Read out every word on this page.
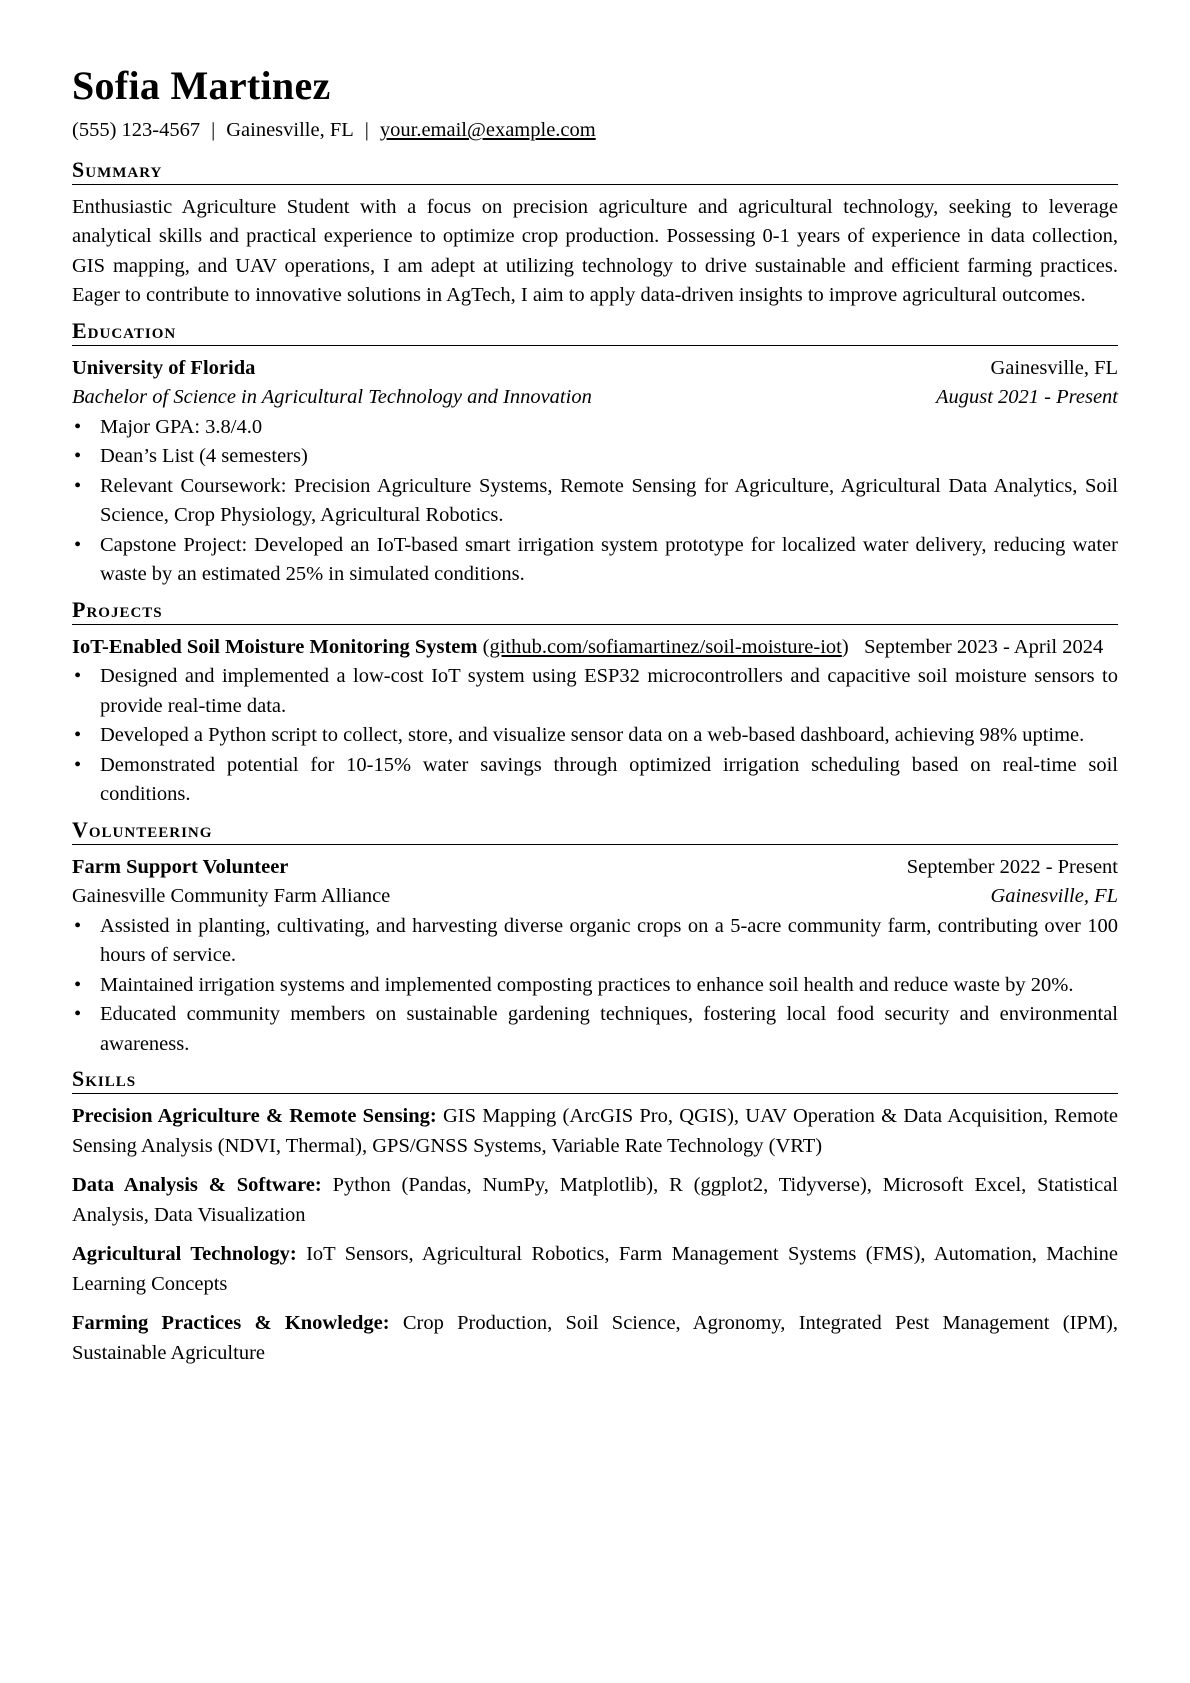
Sofia Martinez
(555) 123-4567 | Gainesville, FL | your.email@example.com
Summary

Enthusiastic Agriculture Student with a focus on precision agriculture and agricultural technology, seeking to leverage analytical skills and practical experience to optimize crop production. Possessing 0-1 years of experience in data collection, GIS mapping, and UAV operations, I am adept at utilizing technology to drive sustainable and efficient farming practices. Eager to contribute to innovative solutions in AgTech, I aim to apply data-driven insights to improve agricultural outcomes.

Education
University of Florida	Gainesville, FL
Bachelor of Science in Agricultural Technology and Innovation	August 2021 - Present
• Major GPA: 3.8/4.0
• Dean’s List (4 semesters)
• Relevant Coursework: Precision Agriculture Systems, Remote Sensing for Agriculture, Agricultural Data Analytics, Soil Science, Crop Physiology, Agricultural Robotics.
• Capstone Project: Developed an IoT-based smart irrigation system prototype for localized water delivery, reducing water waste by an estimated 25% in simulated conditions.
Projects
IoT-Enabled Soil Moisture Monitoring System (github.com/sofiamartinez/soil-moisture-iot)   September 2023 - April 2024
• Designed and implemented a low-cost IoT system using ESP32 microcontrollers and capacitive soil moisture sensors to provide real-time data.
• Developed a Python script to collect, store, and visualize sensor data on a web-based dashboard, achieving 98% uptime.
• Demonstrated potential for 10-15% water savings through optimized irrigation scheduling based on real-time soil conditions.
Volunteering
Farm Support Volunteer	September 2022 - Present
Gainesville Community Farm Alliance	Gainesville, FL
• Assisted in planting, cultivating, and harvesting diverse organic crops on a 5-acre community farm, contributing over 100 hours of service.
• Maintained irrigation systems and implemented composting practices to enhance soil health and reduce waste by 20%.
• Educated community members on sustainable gardening techniques, fostering local food security and environmental awareness.
Skills

Precision Agriculture & Remote Sensing: GIS Mapping (ArcGIS Pro, QGIS), UAV Operation & Data Acquisition, Remote Sensing Analysis (NDVI, Thermal), GPS/GNSS Systems, Variable Rate Technology (VRT)

Data Analysis & Software: Python (Pandas, NumPy, Matplotlib), R (ggplot2, Tidyverse), Microsoft Excel, Statistical Analysis, Data Visualization

Agricultural Technology: IoT Sensors, Agricultural Robotics, Farm Management Systems (FMS), Automation, Machine Learning Concepts

Farming Practices & Knowledge: Crop Production, Soil Science, Agronomy, Integrated Pest Management (IPM), Sustainable Agriculture
